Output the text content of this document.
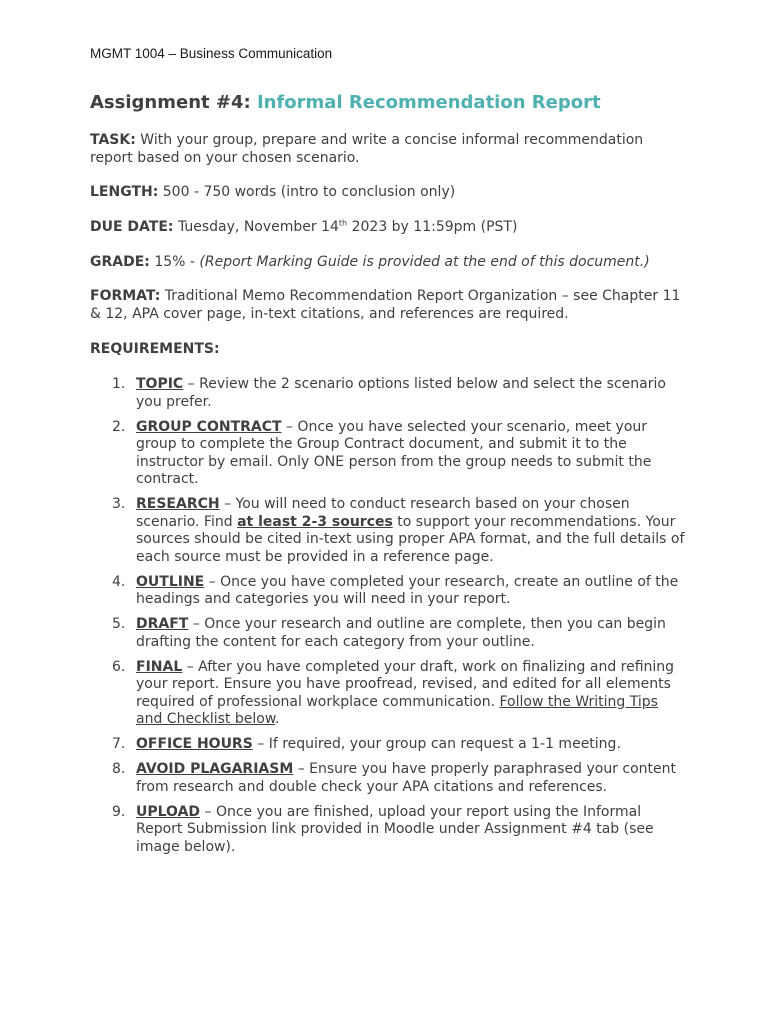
MGMT 1004 – Business Communication
Assignment #4: Informal Recommendation Report

TASK: With your group, prepare and write a concise informal recommendation report based on your chosen scenario.

LENGTH: 500 - 750 words (intro to conclusion only)

DUE DATE: Tuesday, November 14th 2023 by 11:59pm (PST)

GRADE: 15% - (Report Marking Guide is provided at the end of this document.)

FORMAT: Traditional Memo Recommendation Report Organization – see Chapter 11 & 12, APA cover page, in-text citations, and references are required.

REQUIREMENTS:

1. TOPIC – Review the 2 scenario options listed below and select the scenario you prefer.
2. GROUP CONTRACT – Once you have selected your scenario, meet your group to complete the Group Contract document, and submit it to the instructor by email. Only ONE person from the group needs to submit the contract.
3. RESEARCH – You will need to conduct research based on your chosen scenario. Find at least 2-3 sources to support your recommendations. Your sources should be cited in-text using proper APA format, and the full details of each source must be provided in a reference page.
4. OUTLINE – Once you have completed your research, create an outline of the headings and categories you will need in your report.
5. DRAFT – Once your research and outline are complete, then you can begin drafting the content for each category from your outline.
6. FINAL – After you have completed your draft, work on finalizing and refining your report. Ensure you have proofread, revised, and edited for all elements required of professional workplace communication. Follow the Writing Tips and Checklist below.
7. OFFICE HOURS – If required, your group can request a 1-1 meeting.
8. AVOID PLAGARIASM – Ensure you have properly paraphrased your content from research and double check your APA citations and references.
9. UPLOAD – Once you are finished, upload your report using the Informal Report Submission link provided in Moodle under Assignment #4 tab (see image below).
